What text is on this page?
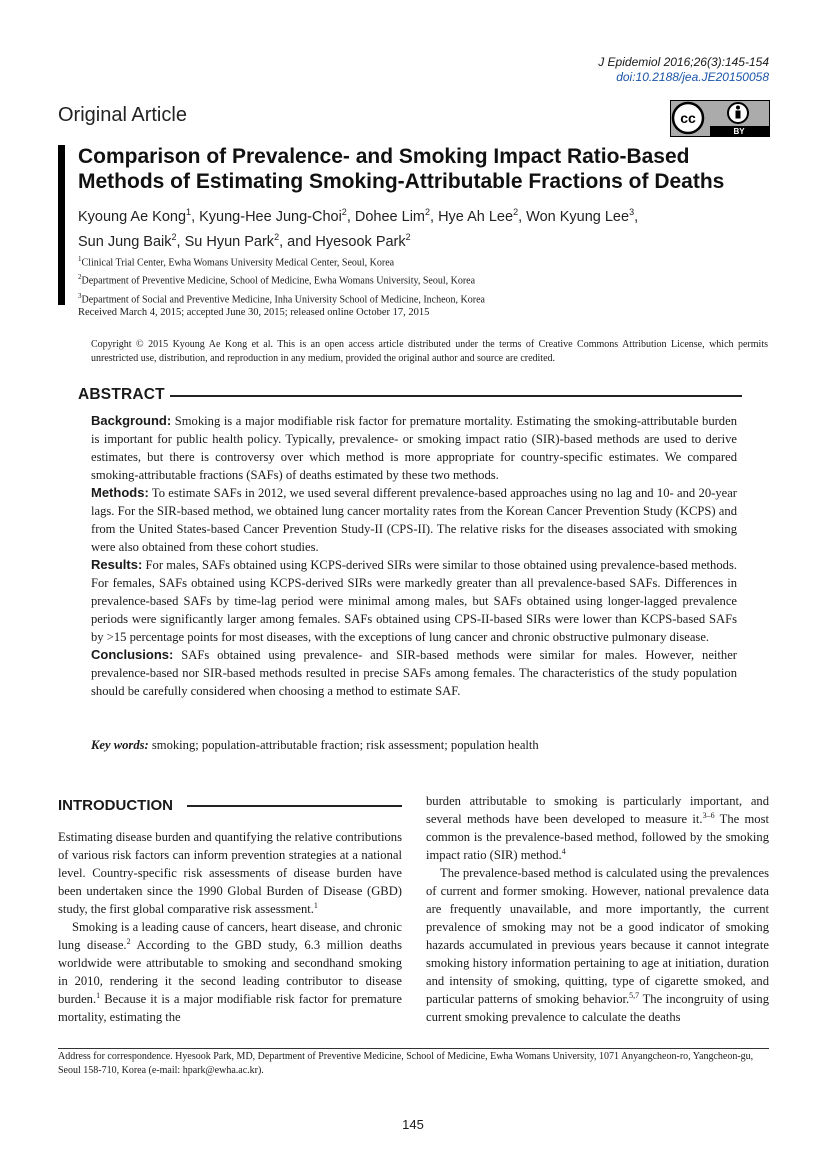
J Epidemiol 2016;26(3):145-154
doi:10.2188/jea.JE20150058
Original Article	cc
BY
Comparison of Prevalence- and Smoking Impact Ratio-Based Methods of Estimating Smoking-Attributable Fractions of Deaths
Kyoung Ae Kong$^1$, Kyung-Hee Jung-Choi$^2$, Dohee Lim$^2$, Hye Ah Lee$^2$, Won Kyung Lee$^3$,
Sun Jung Baik$^2$, Su Hyun Park$^2$, and Hyesook Park$^2$
$^1$Clinical Trial Center, Ewha Womans University Medical Center, Seoul, Korea
$^2$Department of Preventive Medicine, School of Medicine, Ewha Womans University, Seoul, Korea
$^3$Department of Social and Preventive Medicine, Inha University School of Medicine, Incheon, Korea
Received March 4, 2015; accepted June 30, 2015; released online October 17, 2015
Copyright © 2015 Kyoung Ae Kong et al. This is an open access article distributed under the terms of Creative Commons Attribution License, which permits unrestricted use, distribution, and reproduction in any medium, provided the original author and source are credited.
ABSTRACT

Background: Smoking is a major modifiable risk factor for premature mortality. Estimating the smoking-attributable burden is important for public health policy. Typically, prevalence- or smoking impact ratio (SIR)-based methods are used to derive estimates, but there is controversy over which method is more appropriate for country-specific estimates. We compared smoking-attributable fractions (SAFs) of deaths estimated by these two methods.

Methods: To estimate SAFs in 2012, we used several different prevalence-based approaches using no lag and 10- and 20-year lags. For the SIR-based method, we obtained lung cancer mortality rates from the Korean Cancer Prevention Study (KCPS) and from the United States-based Cancer Prevention Study-II (CPS-II). The relative risks for the diseases associated with smoking were also obtained from these cohort studies.

Results: For males, SAFs obtained using KCPS-derived SIRs were similar to those obtained using prevalence-based methods. For females, SAFs obtained using KCPS-derived SIRs were markedly greater than all prevalence-based SAFs. Differences in prevalence-based SAFs by time-lag period were minimal among males, but SAFs obtained using longer-lagged prevalence periods were significantly larger among females. SAFs obtained using CPS-II-based SIRs were lower than KCPS-based SAFs by >15 percentage points for most diseases, with the exceptions of lung cancer and chronic obstructive pulmonary disease.

Conclusions: SAFs obtained using prevalence- and SIR-based methods were similar for males. However, neither prevalence-based nor SIR-based methods resulted in precise SAFs among females. The characteristics of the study population should be carefully considered when choosing a method to estimate SAF.

Key words: smoking; population-attributable fraction; risk assessment; population health
INTRODUCTION

Estimating disease burden and quantifying the relative contributions of various risk factors can inform prevention strategies at a national level. Country-specific risk assessments of disease burden have been undertaken since the 1990 Global Burden of Disease (GBD) study, the first global comparative risk assessment.$^1$

Smoking is a leading cause of cancers, heart disease, and chronic lung disease.$^2$ According to the GBD study, 6.3 million deaths worldwide were attributable to smoking and secondhand smoking in 2010, rendering it the second leading contributor to disease burden.$^1$ Because it is a major modifiable risk factor for premature mortality, estimating the

burden attributable to smoking is particularly important, and several methods have been developed to measure it.$^{3-6}$ The most common is the prevalence-based method, followed by the smoking impact ratio (SIR) method.$^4$

The prevalence-based method is calculated using the prevalences of current and former smoking. However, national prevalence data are frequently unavailable, and more importantly, the current prevalence of smoking may not be a good indicator of smoking hazards accumulated in previous years because it cannot integrate smoking history information pertaining to age at initiation, duration and intensity of smoking, quitting, type of cigarette smoked, and particular patterns of smoking behavior.$^{5,7}$ The incongruity of using current smoking prevalence to calculate the deaths

Address for correspondence. Hyesook Park, MD, Department of Preventive Medicine, School of Medicine, Ewha Womans University, 1071 Anyangcheon-ro, Yangcheon-gu, Seoul 158-710, Korea (e-mail: hpark@ewha.ac.kr).
145
